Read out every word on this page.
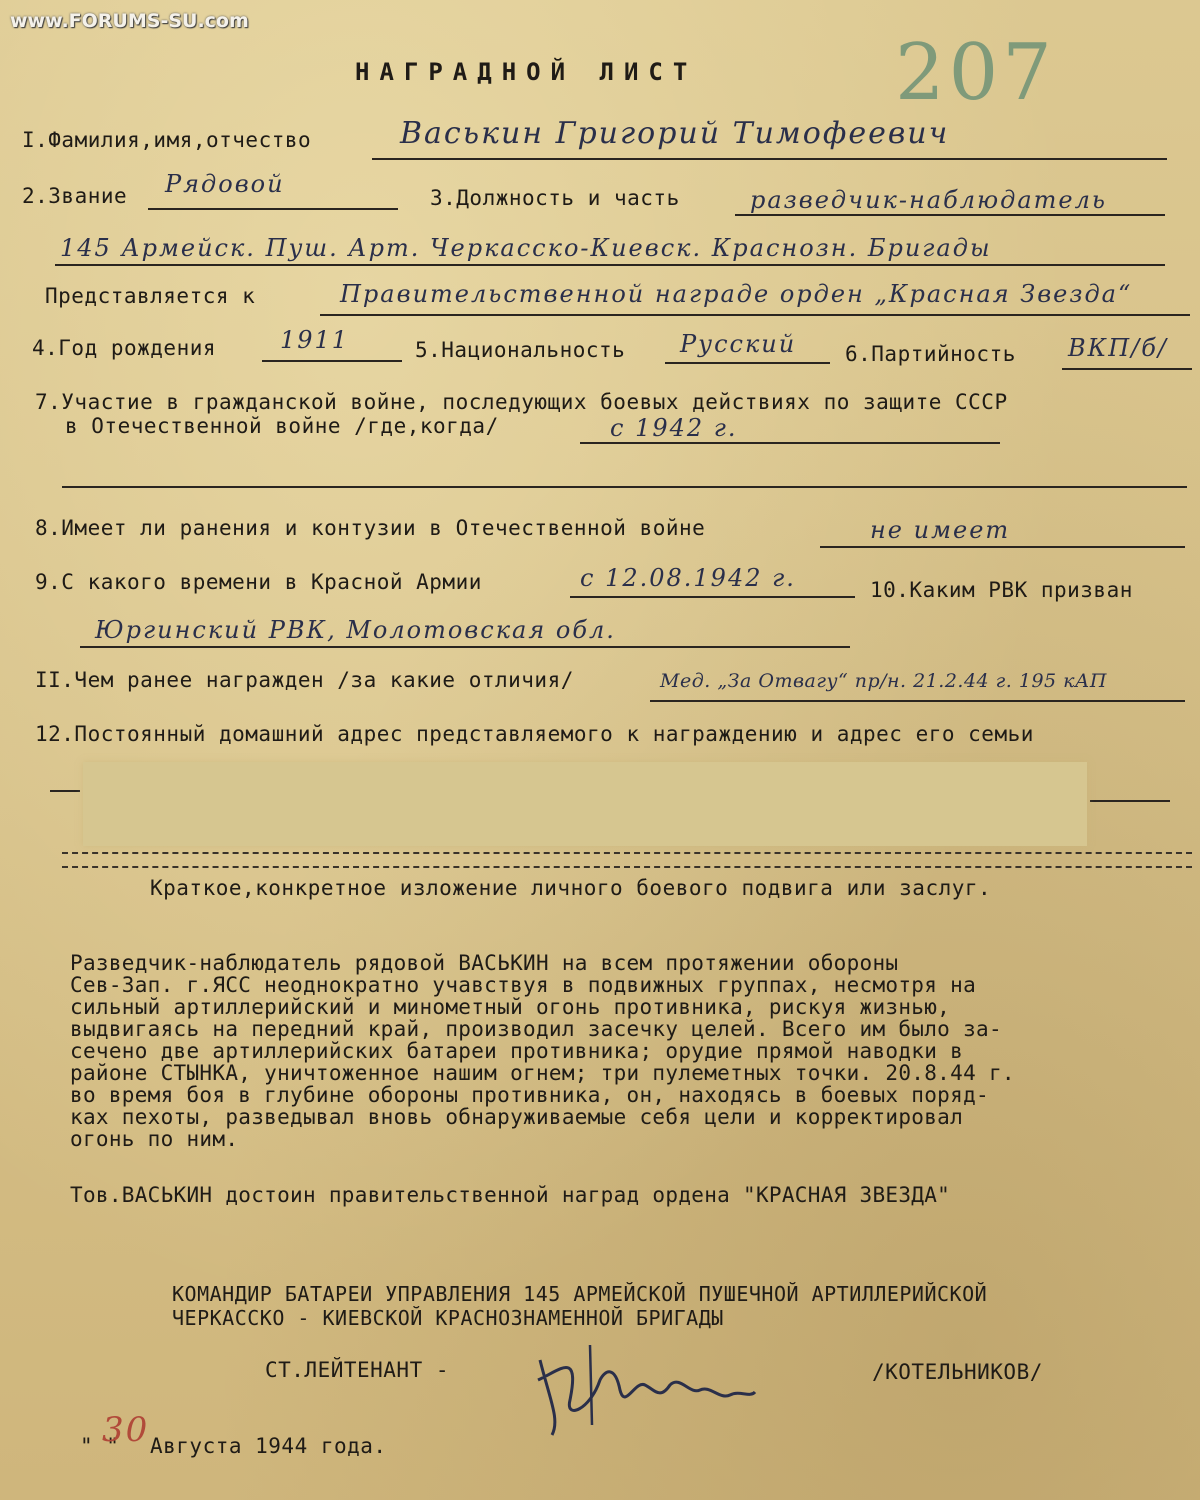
www.FORUMS-SU.com
207
НАГРАДНОЙ ЛИСТ
I.Фамилия,имя,отчество	Васькин Григорий Тимофеевич
2.Звание Рядовой	3.Должность и часть	разведчик-наблюдатель
145 Армейск. Пуш. Арт. Черкасско-Киевск. Краснозн. Бригады
Представляется к	Правительственной награде орден „Красная Звезда“
4.Год рождения	1911	5.Национальность Русский 6.Партийность ВКП/б/
7.Участие в гражданской войне, последующих боевых действиях по защите СССР
в Отечественной войне /где,когда/	с 1942 г.
8.Имеет ли ранения и контузии в Отечественной войне	не имеет
9.С какого времени в Красной Армии	с 12.08.1942 г.	10.Каким РВК призван
Юргинский РВК, Молотовская обл.
II.Чем ранее награжден /за какие отличия/	Мед. „За Отвагу“ пр/н. 21.2.44 г. 195 кАП
12.Постоянный домашний адрес представляемого к награждению и адрес его семьи
Краткое,конкретное изложение личного боевого подвига или заслуг.
Разведчик-наблюдатель рядовой ВАСЬКИН на всем протяжении обороны
Сев-Зап. г.ЯСС неоднократно учавствуя в подвижных группах, несмотря на
сильный артиллерийский и минометный огонь противника, рискуя жизнью,
выдвигаясь на передний край, производил засечку целей. Всего им было за-
сечено две артиллерийских батареи противника; орудие прямой наводки в
районе СТЫНКА, уничтоженное нашим огнем; три пулеметных точки. 20.8.44 г.
во время боя в глубине обороны противника, он, находясь в боевых поряд-
ках пехоты, разведывал вновь обнаруживаемые себя цели и корректировал
огонь по ним.
Тов.ВАСЬКИН достоин правительственной наград ордена "КРАСНАЯ ЗВЕЗДА"
КОМАНДИР БАТАРЕИ УПРАВЛЕНИЯ 145 АРМЕЙСКОЙ ПУШЕЧНОЙ АРТИЛЛЕРИЙСКОЙ
ЧЕРКАССКО - КИЕВСКОЙ КРАСНОЗНАМЕННОЙ БРИГАДЫ
СТ.ЛЕЙТЕНАНТ -	/КОТЕЛЬНИКОВ/
" "
30 Августа 1944 года.
